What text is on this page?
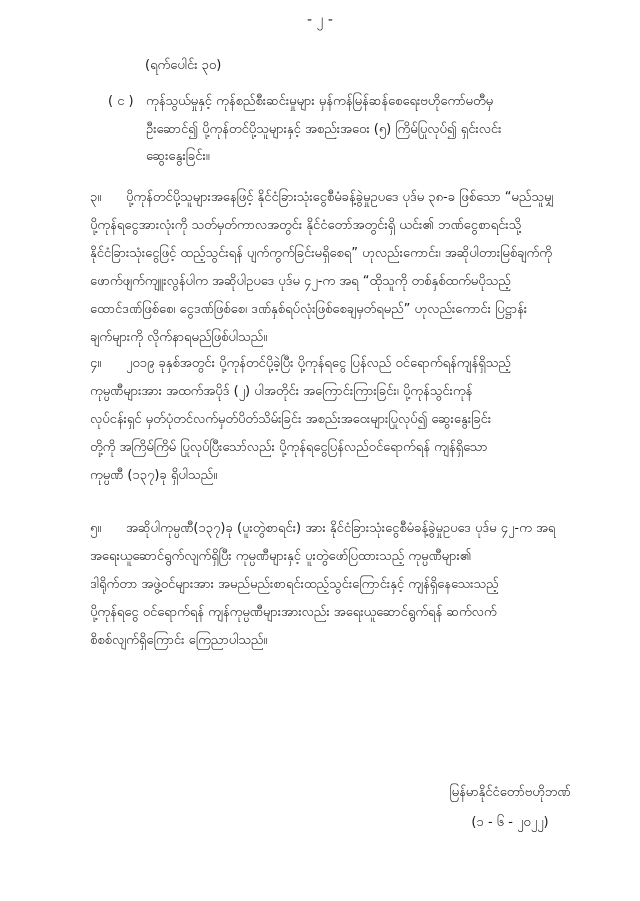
- ၂ -
(ရက်ပေါင်း ၃၀)
( င ) ကုန်သွယ်မှုနှင့် ကုန်စည်စီးဆင်းမှုများ မှန်ကန်မြန်ဆန်စေရေးဗဟိုကော်မတီမှ
ဦးဆောင်၍ ပို့ကုန်တင်ပို့သူများနှင့် အစည်းအဝေး (၅) ကြိမ်ပြုလုပ်၍ ရှင်းလင်း
ဆွေးနွေးခြင်း။
၃။ ပို့ကုန်တင်ပို့သူများအနေဖြင့် နိုင်ငံခြားသုံးငွေစီမံခန့်ခွဲမှုဥပဒေ ပုဒ်မ ၃၈-ခ ဖြစ်သော “မည်သူမျှ
ပို့ကုန်ရငွေအားလုံးကို သတ်မှတ်ကာလအတွင်း နိုင်ငံတော်အတွင်းရှိ ယင်း၏ ဘဏ်ငွေစာရင်းသို့
နိုင်ငံခြားသုံးငွေဖြင့် ထည့်သွင်းရန် ပျက်ကွက်ခြင်းမရှိစေရ” ဟုလည်းကောင်း၊ အဆိုပါတားမြစ်ချက်ကို
ဖောက်ဖျက်ကျူးလွန်ပါက အဆိုပါဥပဒေ ပုဒ်မ ၄၂-က အရ “ထိုသူကို တစ်နှစ်ထက်မပိုသည့်
ထောင်ဒဏ်ဖြစ်စေ၊ ငွေဒဏ်ဖြစ်စေ၊ ဒဏ်နှစ်ရပ်လုံးဖြစ်စေချမှတ်ရမည်” ဟုလည်းကောင်း ပြဋ္ဌာန်း
ချက်များကို လိုက်နာရမည်ဖြစ်ပါသည်။
၄။ ၂၀၁၉ ခုနှစ်အတွင်း ပို့ကုန်တင်ပို့ခဲ့ပြီး ပို့ကုန်ရငွေ ပြန်လည် ဝင်ရောက်ရန်ကျန်ရှိသည့်
ကုမ္ပဏီများအား အထက်အပိုဒ် (၂) ပါအတိုင်း အကြောင်းကြားခြင်း၊ ပို့ကုန်သွင်းကုန်
လုပ်ငန်းရှင် မှတ်ပုံတင်လက်မှတ်ပိတ်သိမ်းခြင်း အစည်းအဝေးများပြုလုပ်၍ ဆွေးနွေးခြင်း
တို့ကို အကြိမ်ကြိမ် ပြုလုပ်ပြီးသော်လည်း ပို့ကုန်ရငွေပြန်လည်ဝင်ရောက်ရန် ကျန်ရှိသော
ကုမ္ပဏီ (၁၃၇)ခု ရှိပါသည်။
၅။ အဆိုပါကုမ္ပဏီ(၁၃၇)ခု (ပူးတွဲစာရင်း) အား နိုင်ငံခြားသုံးငွေစီမံခန့်ခွဲမှုဥပဒေ ပုဒ်မ ၄၂-က အရ
အရေးယူဆောင်ရွက်လျက်ရှိပြီး ကုမ္ပဏီများနှင့် ပူးတွဲဖော်ပြထားသည့် ကုမ္ပဏီများ၏
ဒါရိုက်တာ အဖွဲ့ဝင်များအား အမည်မည်းစာရင်းထည့်သွင်းကြောင်းနှင့် ကျန်ရှိနေသေးသည့်
ပို့ကုန်ရငွေ ဝင်ရောက်ရန် ကျန်ကုမ္ပဏီများအားလည်း အရေးယူဆောင်ရွက်ရန် ဆက်လက်
စိစစ်လျက်ရှိကြောင်း ကြေညာပါသည်။
မြန်မာနိုင်ငံတော်ဗဟိုဘဏ်
(၁ - ၆ - ၂၀၂၂)
